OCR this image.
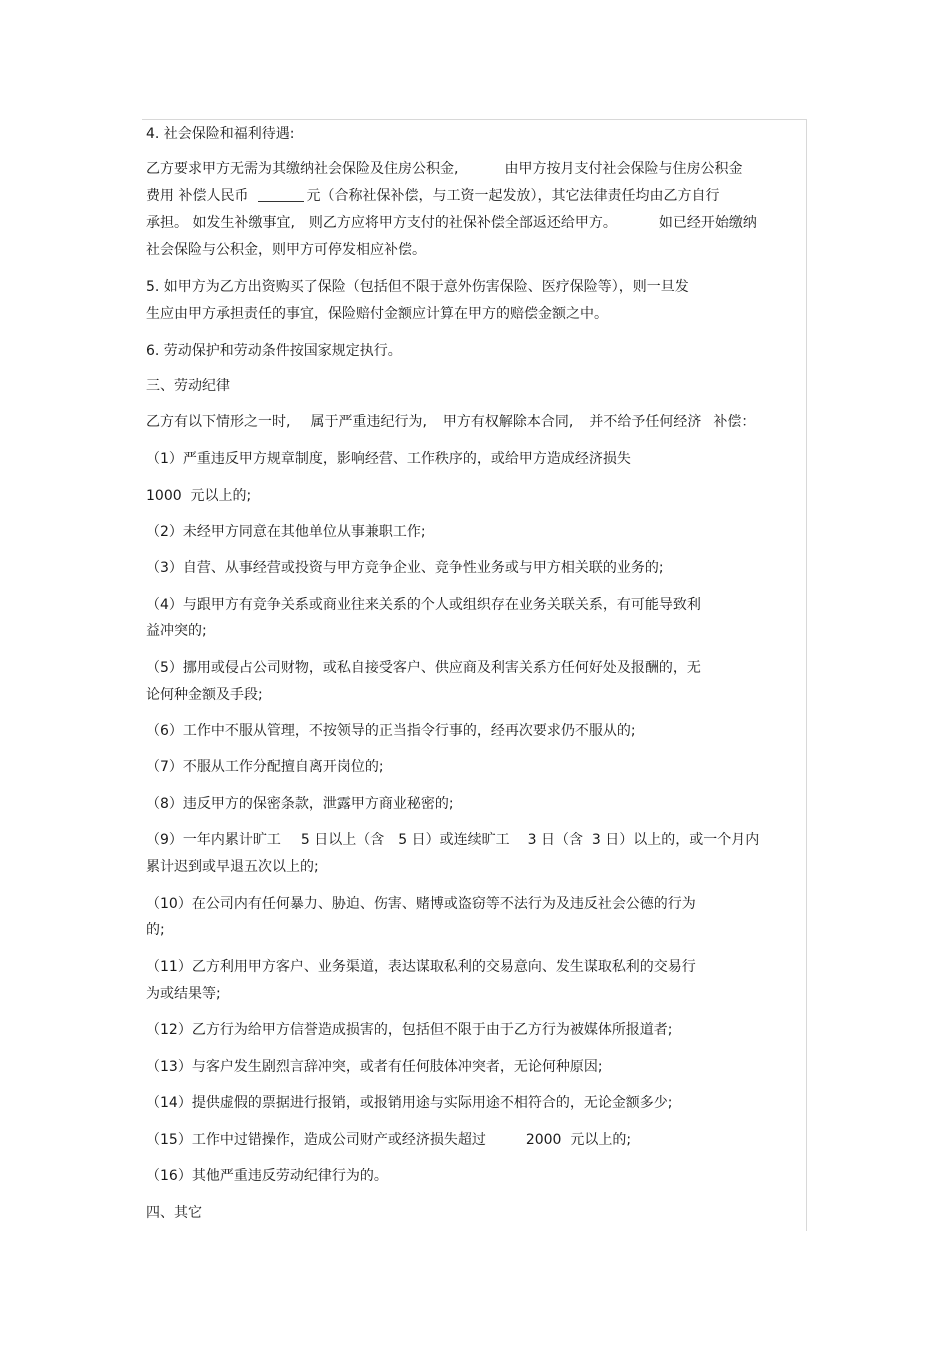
4. 社会保险和福利待遇:
乙方要求甲方无需为其缴纳社会保险及住房公积金,	由甲方按月支付社会保险与住房公积金
费用 补偿人民币	元（合称社保补偿，与工资一起发放），其它法律责任均由乙方自行
承担。 如发生补缴事宜, 则乙方应将甲方支付的社保补偿全部返还给甲方。	如已经开始缴纳
社会保险与公积金，则甲方可停发相应补偿。
5. 如甲方为乙方出资购买了保险（包括但不限于意外伤害保险、医疗保险等），则一旦发
生应由甲方承担责任的事宜，保险赔付金额应计算在甲方的赔偿金额之中。
6. 劳动保护和劳动条件按国家规定执行。
三、劳动纪律
乙方有以下情形之一时, 属于严重违纪行为, 甲方有权解除本合同, 并不给予任何经济 补偿：
（1）严重违反甲方规章制度，影响经营、工作秩序的，或给甲方造成经济损失
1000  元以上的;
（2）未经甲方同意在其他单位从事兼职工作;
（3）自营、从事经营或投资与甲方竞争企业、竞争性业务或与甲方相关联的业务的;
（4）与跟甲方有竞争关系或商业往来关系的个人或组织存在业务关联关系，有可能导致利
益冲突的;
（5）挪用或侵占公司财物，或私自接受客户、供应商及利害关系方任何好处及报酬的，无
论何种金额及手段;
（6）工作中不服从管理，不按领导的正当指令行事的，经再次要求仍不服从的;
（7）不服从工作分配擅自离开岗位的;
（8）违反甲方的保密条款，泄露甲方商业秘密的;
（9）一年内累计旷工 5 日以上（含 5 日）或连续旷工 3 日（含  3 日）以上的，或一个月内
累计迟到或早退五次以上的;
（10）在公司内有任何暴力、胁迫、伤害、赌博或盗窃等不法行为及违反社会公德的行为
的;
（11）乙方利用甲方客户、业务渠道，表达谋取私利的交易意向、发生谋取私利的交易行
为或结果等;
（12）乙方行为给甲方信誉造成损害的，包括但不限于由于乙方行为被媒体所报道者;
（13）与客户发生剧烈言辞冲突，或者有任何肢体冲突者，无论何种原因;
（14）提供虚假的票据进行报销，或报销用途与实际用途不相符合的，无论金额多少;
（15）工作中过错操作，造成公司财产或经济损失超过	2000  元以上的;
（16）其他严重违反劳动纪律行为的。
四、其它
